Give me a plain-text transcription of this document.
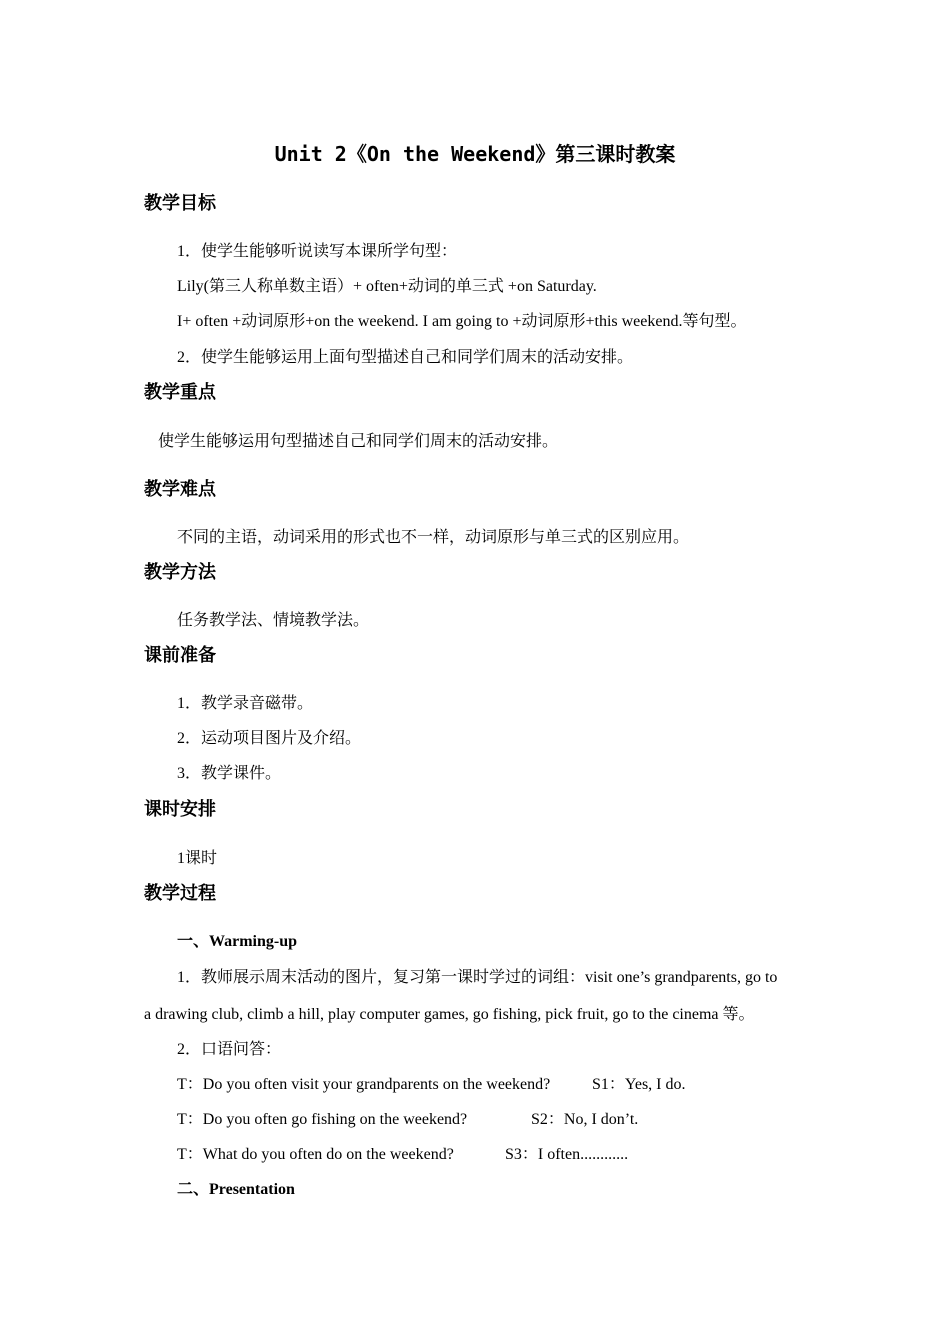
Unit 2《On the Weekend》第三课时教案
教学目标
1．使学生能够听说读写本课所学句型：
Lily(第三人称单数主语）+ often+动词的单三式 +on Saturday.
I+ often +动词原形+on the weekend. I am going to +动词原形+this weekend.等句型。
2．使学生能够运用上面句型描述自己和同学们周末的活动安排。
教学重点
使学生能够运用句型描述自己和同学们周末的活动安排。
教学难点
不同的主语，动词采用的形式也不一样，动词原形与单三式的区别应用。
教学方法
任务教学法、情境教学法。
课前准备
1．教学录音磁带。
2．运动项目图片及介绍。
3．教学课件。
课时安排
1课时
教学过程
一、Warming-up
1．教师展示周末活动的图片，复习第一课时学过的词组：visit one’s grandparents, go to
a drawing club, climb a hill, play computer games, go fishing, pick fruit, go to the cinema 等。
2．口语问答：
T：Do you often visit your grandparents on the weekend?	S1：Yes, I do.
T：Do you often go fishing on the weekend?	S2：No, I don’t.
T：What do you often do on the weekend?	S3：I often............
二、Presentation
